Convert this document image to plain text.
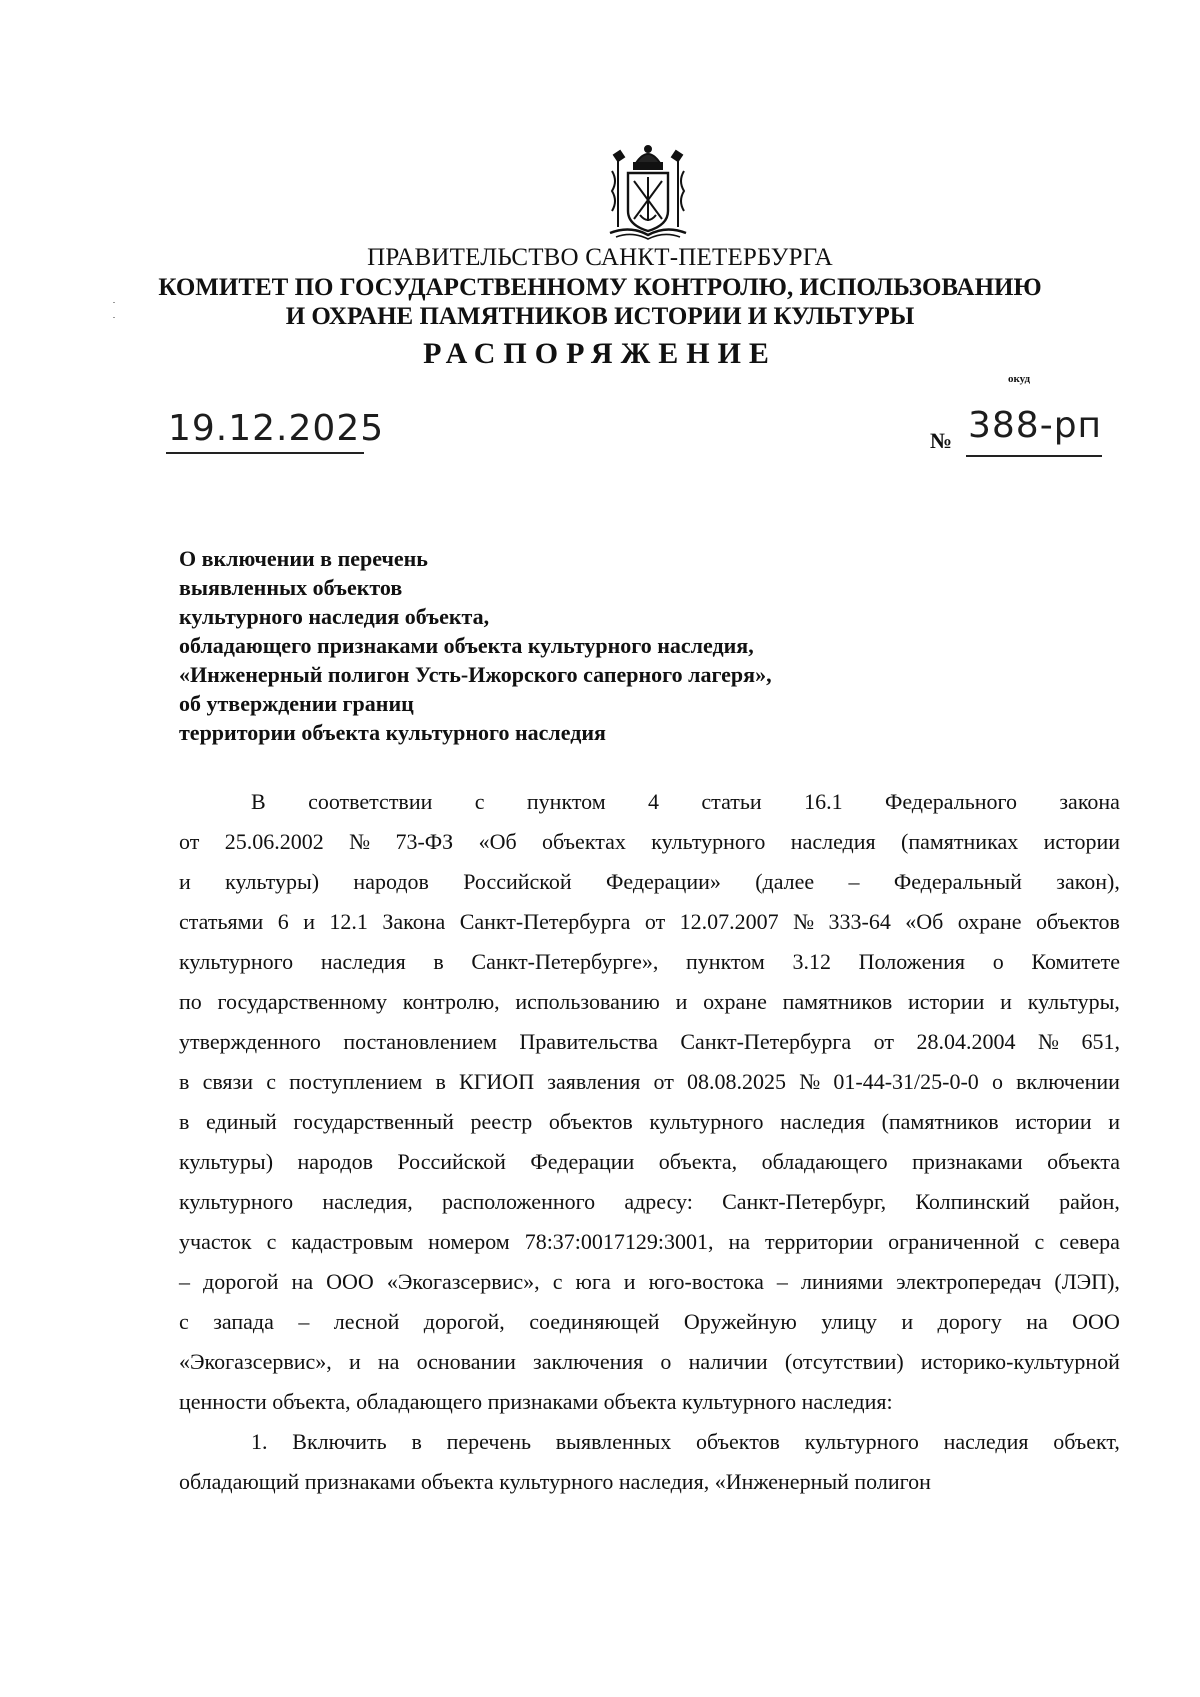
ПРАВИТЕЛЬСТВО САНКТ-ПЕТЕРБУРГА
КОМИТЕТ ПО ГОСУДАРСТВЕННОМУ КОНТРОЛЮ, ИСПОЛЬЗОВАНИЮ
И ОХРАНЕ ПАМЯТНИКОВ ИСТОРИИ И КУЛЬТУРЫ
РАСПОРЯЖЕНИЕ
окуд
19.12.2025	№ 388-рп
О включении в перечень
выявленных объектов
культурного наследия объекта,
обладающего признаками объекта культурного наследия,
«Инженерный полигон Усть-Ижорского саперного лагеря»,
об утверждении границ
территории объекта культурного наследия
В соответствии с пунктом 4 статьи 16.1 Федерального закона
от 25.06.2002 № 73-ФЗ «Об объектах культурного наследия (памятниках истории
и культуры) народов Российской Федерации» (далее – Федеральный закон),
статьями 6 и 12.1 Закона Санкт-Петербурга от 12.07.2007 № 333-64 «Об охране объектов
культурного наследия в Санкт-Петербурге», пунктом 3.12 Положения о Комитете
по государственному контролю, использованию и охране памятников истории и культуры,
утвержденного постановлением Правительства Санкт-Петербурга от 28.04.2004 № 651,
в связи с поступлением в КГИОП заявления от 08.08.2025 № 01-44-31/25-0-0 о включении
в единый государственный реестр объектов культурного наследия (памятников истории и
культуры) народов Российской Федерации объекта, обладающего признаками объекта
культурного наследия, расположенного адресу: Санкт-Петербург, Колпинский район,
участок с кадастровым номером 78:37:0017129:3001, на территории ограниченной с севера
– дорогой на ООО «Экогазсервис», с юга и юго-востока – линиями электропередач (ЛЭП),
с запада – лесной дорогой, соединяющей Оружейную улицу и дорогу на ООО
«Экогазсервис», и на основании заключения о наличии (отсутствии) историко-культурной
ценности объекта, обладающего признаками объекта культурного наследия:
1. Включить в перечень выявленных объектов культурного наследия объект,
обладающий признаками объекта культурного наследия, «Инженерный полигон
